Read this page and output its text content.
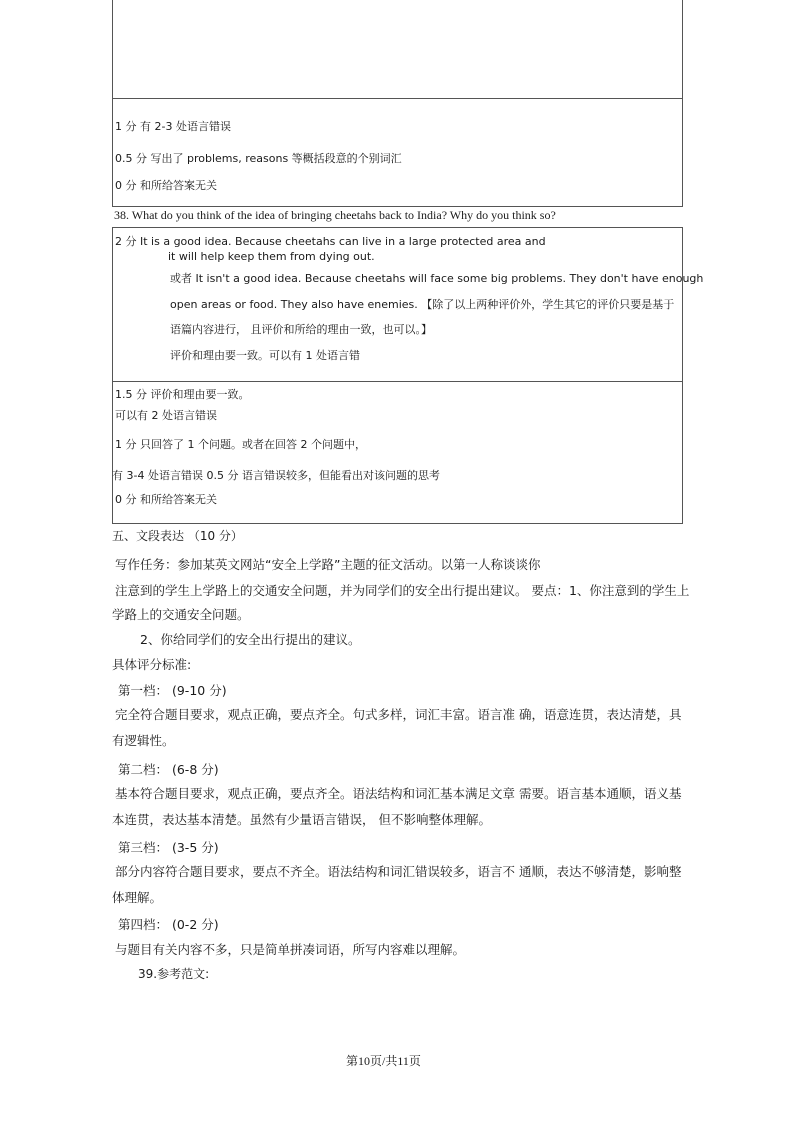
1 分 有 2-3 处语言错误
0.5 分 写出了 problems, reasons 等概括段意的个别词汇
0 分 和所给答案无关
38. What do you think of the idea of bringing cheetahs back to India? Why do you think so?
2 分 It is a good idea. Because cheetahs can live in a large protected area and
it will help keep them from dying out.
或者 It isn't a good idea. Because cheetahs will face some big problems. They don't have enough
open areas or food. They also have enemies. 【除了以上两种评价外，学生其它的评价只要是基于
语篇内容进行， 且评价和所给的理由一致，也可以。】
评价和理由要一致。可以有 1 处语言错
1.5 分 评价和理由要一致。
可以有 2 处语言错误
1 分 只回答了 1 个问题。或者在回答 2 个问题中，
有 3-4 处语言错误 0.5 分 语言错误较多，但能看出对该问题的思考
0 分 和所给答案无关
五、文段表达 （10 分）
写作任务：参加某英文网站“安全上学路”主题的征文活动。以第一人称谈谈你
注意到的学生上学路上的交通安全问题，并为同学们的安全出行提出建议。 要点：1、你注意到的学生上
学路上的交通安全问题。
2、你给同学们的安全出行提出的建议。
具体评分标准:
第一档： (9-10 分)
完全符合题目要求，观点正确，要点齐全。句式多样，词汇丰富。语言准 确，语意连贯，表达清楚，具
有逻辑性。
第二档： (6-8 分)
基本符合题目要求，观点正确，要点齐全。语法结构和词汇基本满足文章 需要。语言基本通顺，语义基
本连贯，表达基本清楚。虽然有少量语言错误， 但不影响整体理解。
第三档： (3-5 分)
部分内容符合题目要求，要点不齐全。语法结构和词汇错误较多，语言不 通顺，表达不够清楚，影响整
体理解。
第四档： (0-2 分)
与题目有关内容不多，只是简单拼凑词语，所写内容难以理解。
39.参考范文:
第10页/共11页
